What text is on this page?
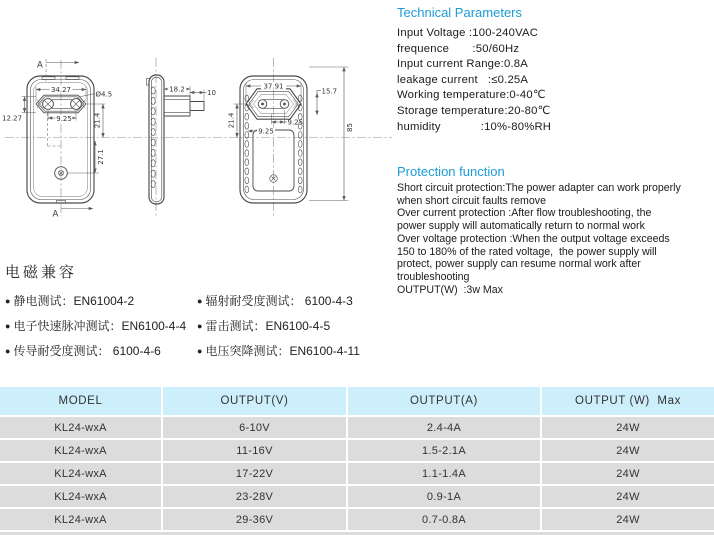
A
A
34.27
Ø4.5
12.27	9.25	21.4
27.1
18.2	10
37.91
15.7
21.4	9.25
9.25	85

Technical Parameters

Input Voltage :100-240VAC
frequence       :50/60Hz
Input current Range:0.8A
leakage current   :≤0.25A
Working temperature:0-40℃
Storage temperature:20-80℃
humidity            :10%-80%RH

Protection function

Short circuit protection:The power adapter can work properly
when short circuit faults remove
Over current protection :After flow troubleshooting, the
power supply will automatically return to normal work
Over voltage protection :When the output voltage exceeds
150 to 180% of the rated voltage,  the power supply will
protect, power supply can resume normal work after
troubleshooting
OUTPUT(W)  :3w Max

电磁兼容

● 静电测试：EN61004-2	● 辐射耐受度测试： 6100-4-3
● 电子快速脉冲测试：EN6100-4-4	● 雷击测试：EN6100-4-5
● 传导耐受度测试： 6100-4-6	● 电压突降测试：EN6100-4-11
MODEL	OUTPUT(V)	OUTPUT(A)	OUTPUT (W)  Max
KL24-wxA	6-10V	2.4-4A	24W
KL24-wxA	11-16V	1.5-2.1A	24W
KL24-wxA	17-22V	1.1-1.4A	24W
KL24-wxA	23-28V	0.9-1A	24W
KL24-wxA	29-36V	0.7-0.8A	24W
